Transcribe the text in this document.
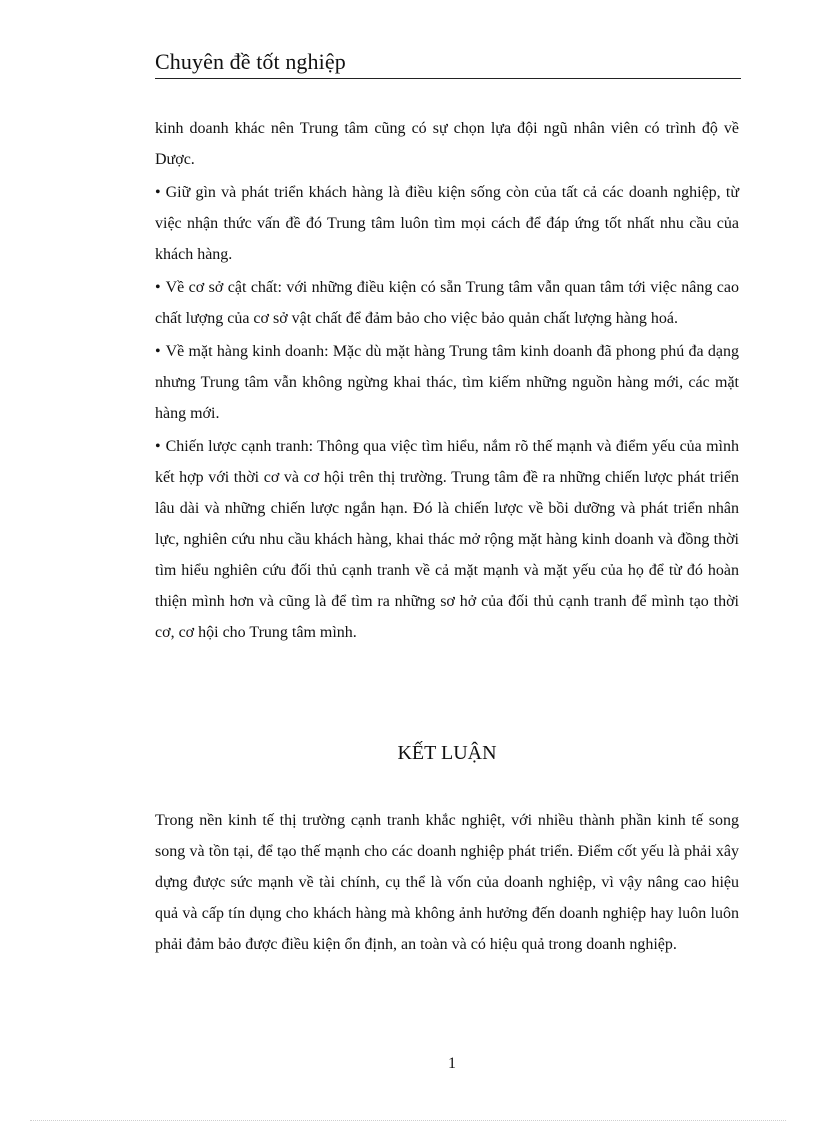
Chuyên đề tốt nghiệp

kinh doanh khác nên Trung tâm cũng có sự chọn lựa đội ngũ nhân viên có trình độ về Dược.

• Giữ gìn và phát triển khách hàng là điều kiện sống còn của tất cả các doanh nghiệp, từ việc nhận thức vấn đề đó Trung tâm luôn tìm mọi cách để đáp ứng tốt nhất nhu cầu của khách hàng.

• Về cơ sở cật chất: với những điều kiện có sẵn Trung tâm vẫn quan tâm tới việc nâng cao chất lượng của cơ sở vật chất để đảm bảo cho việc bảo quản chất lượng hàng hoá.

• Về mặt hàng kinh doanh: Mặc dù mặt hàng Trung tâm kinh doanh đã phong phú đa dạng nhưng Trung tâm vẫn không ngừng khai thác, tìm kiếm những nguồn hàng mới, các mặt hàng mới.

• Chiến lược cạnh tranh: Thông qua việc tìm hiểu, nắm rõ thế mạnh và điểm yếu của mình kết hợp với thời cơ và cơ hội trên thị trường. Trung tâm đề ra những chiến lược phát triển lâu dài và những chiến lược ngắn hạn. Đó là chiến lược về bồi dưỡng và phát triển nhân lực, nghiên cứu nhu cầu khách hàng, khai thác mở rộng mặt hàng kinh doanh và đồng thời tìm hiểu nghiên cứu đối thủ cạnh tranh về cả mặt mạnh và mặt yếu của họ để từ đó hoàn thiện mình hơn và cũng là để tìm ra những sơ hở của đối thủ cạnh tranh để mình tạo thời cơ, cơ hội cho Trung tâm mình.

KẾT LUẬN

Trong nền kinh tế thị trường cạnh tranh khắc nghiệt, với nhiều thành phần kinh tế song song và tồn tại, để tạo thế mạnh cho các doanh nghiệp phát triển. Điểm cốt yếu là phải xây dựng được sức mạnh về tài chính, cụ thể là vốn của doanh nghiệp, vì vậy nâng cao hiệu quả và cấp tín dụng cho khách hàng mà không ảnh hưởng đến doanh nghiệp hay luôn luôn phải đảm bảo được điều kiện ổn định, an toàn và có hiệu quả trong doanh nghiệp.

1
